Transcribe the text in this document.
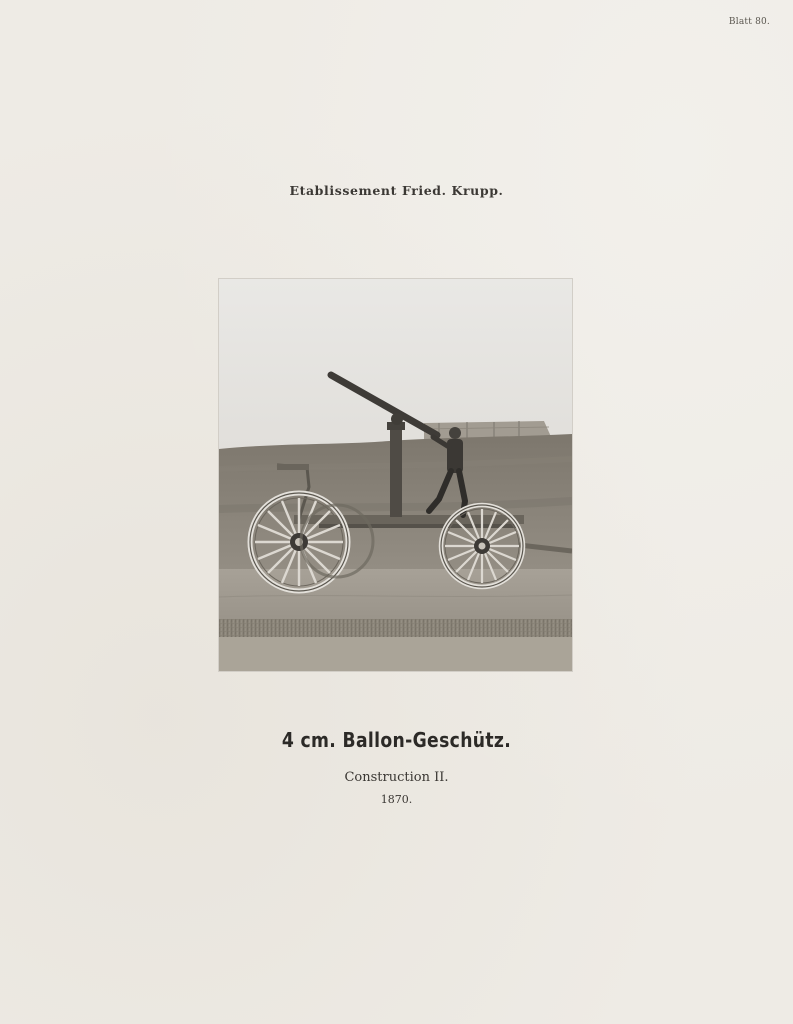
Blatt 80.
Etablissement Fried. Krupp.
4 cm. Ballon-Geschütz.
Construction II.
1870.
